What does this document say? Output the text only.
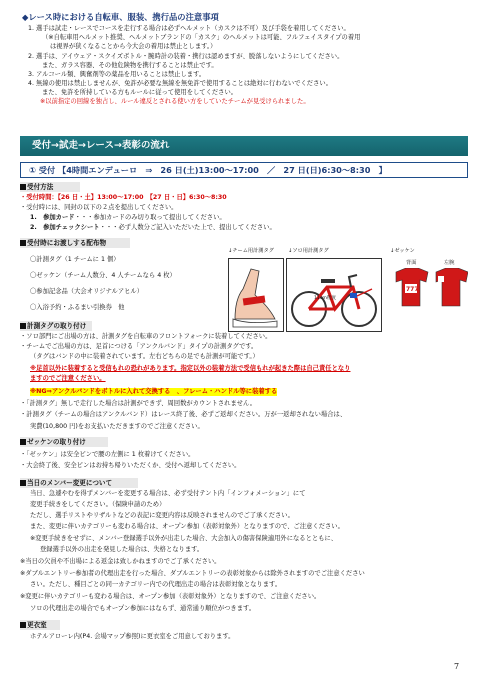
◆レース時における自転車、服装、携行品の注意事項
1. 選手は試走・レースでコースを走行する場合は必ずヘルメット（カスクは不可）及び手袋を着用してください。
（※自転車用ヘルメット推奨、ヘルメットブランドの「カスク」のヘルメットは可能、フルフェイスタイプの着用
は視界が狭くなることから今大会の着用は禁止とします。）
2. 選手は、アイウェア・スクイズボトル・腕時計の装着・携行は認めますが、脱落しないようにしてください。
また、ガラス容器、その他危険物を携行することは禁止です。
3. アルコール類、興奮剤等の薬品を用いることは禁止します。
4. 無線の使用は禁止しませんが、免許が必要な無線を無免許で使用することは絶対に行わないでください。
また、免許を所持している方もルールに従って使用をしてください。
※以前指定の回線を独占し、ルール違反とされる使い方をしていたチームが見受けられました。
受付→試走→レース→表彰の流れ
① 受付 【4時間エンデューロ　⇒　26 日(土)13:00～17:00　／　27 日(日)6:30～8:30　】
受付方法
・受付時間：【26 日・土】13:00～17:00　【27 日・日】6:30～8:30
・受付時には、同封の以下の２点を提出してください。
1.　参加カード・・・参加カードのみ切り取って提出してください。
2.　参加チェックシート・・・必ず人数分ご記入いただいた上で、提出してください。
受付時にお渡しする配布物
〇計測タグ（1 チームに 1 個）
〇ゼッケン（チーム人数分、4 人チームなら 4 枚）
〇参加記念品（大会オリジナルアヒル）
〇入浴予約・ふるまい引換券　他
↓チーム用計測タグ	↓ソロ用計測タグ	↓ゼッケン
11cm程度
背面	左腕
777
計測タグの取り付け
・ソロ部門にご出場の方は、計測タグを自転車のフロントフォークに装着してください。
・チームでご出場の方は、足首につける「アンクルバンド」タイプの計測タグです。
（タグはバンドの中に装着されています。左右どちらの足でも計測が可能です。）
※足首以外に装着すると受信もれの恐れがあります。指定以外の装着方法で受信もれが起きた際は自己責任となり
ますのでご注意ください。
※NG⇒アンクルバンドをボトルに入れて交換する　、フレーム・ハンドル等に装着する
・「計測タグ」無しで走行した場合は計測ができず、周回数がカウントされません。
・計測タグ（チームの場合はアンクルバンド）はレース終了後、必ずご返却ください。万が一返却されない場合は、
実費(10,800 円)をお支払いただきますのでご注意ください。
ゼッケンの取り付け
・「ゼッケン」は安全ピンで腰の左側に 1 枚着けてください。
・大会終了後、安全ピンはお持ち帰りいただくか、受付へ返却してください。
当日のメンバー変更について
当日、急遽やむを得ずメンバーを変更する場合は、必ず受付テント内「インフォメーション」にて
変更手続きをしてください。（保険申請のため）
ただし、選手リストやリザルトなどの表記に変更内容は反映されませんのでご了承ください。
また、変更に伴いカテゴリーも変わる場合は、オープン参加（表彰対象外）となりますので、ご注意ください。
※変更手続きをせずに、メンバー登録選手以外が出走した場合、大会加入の傷害保険適用外になるとともに、
登録選手以外の出走を発見した場合は、失格となります。
※当日の欠員や不出場による返金は致しかねますのでご了承ください。
※ダブルエントリー参加者の代理出走を行った場合、ダブルエントリーの表彰対象からは除外されますのでご注意ください
さい。ただし、種目ごとの同一カテゴリー内での代理出走の場合は表彰対象となります。
※変更に伴いカテゴリーも変わる場合は、オープン参加（表彰対象外）となりますので、ご注意ください。
ソロの代理出走の場合でもオープン参加にはならず、通常通り順位がつきます。
更衣室
ホテルアローレ内(P4. 会場マップ参照)に更衣室をご用意しております。
7
